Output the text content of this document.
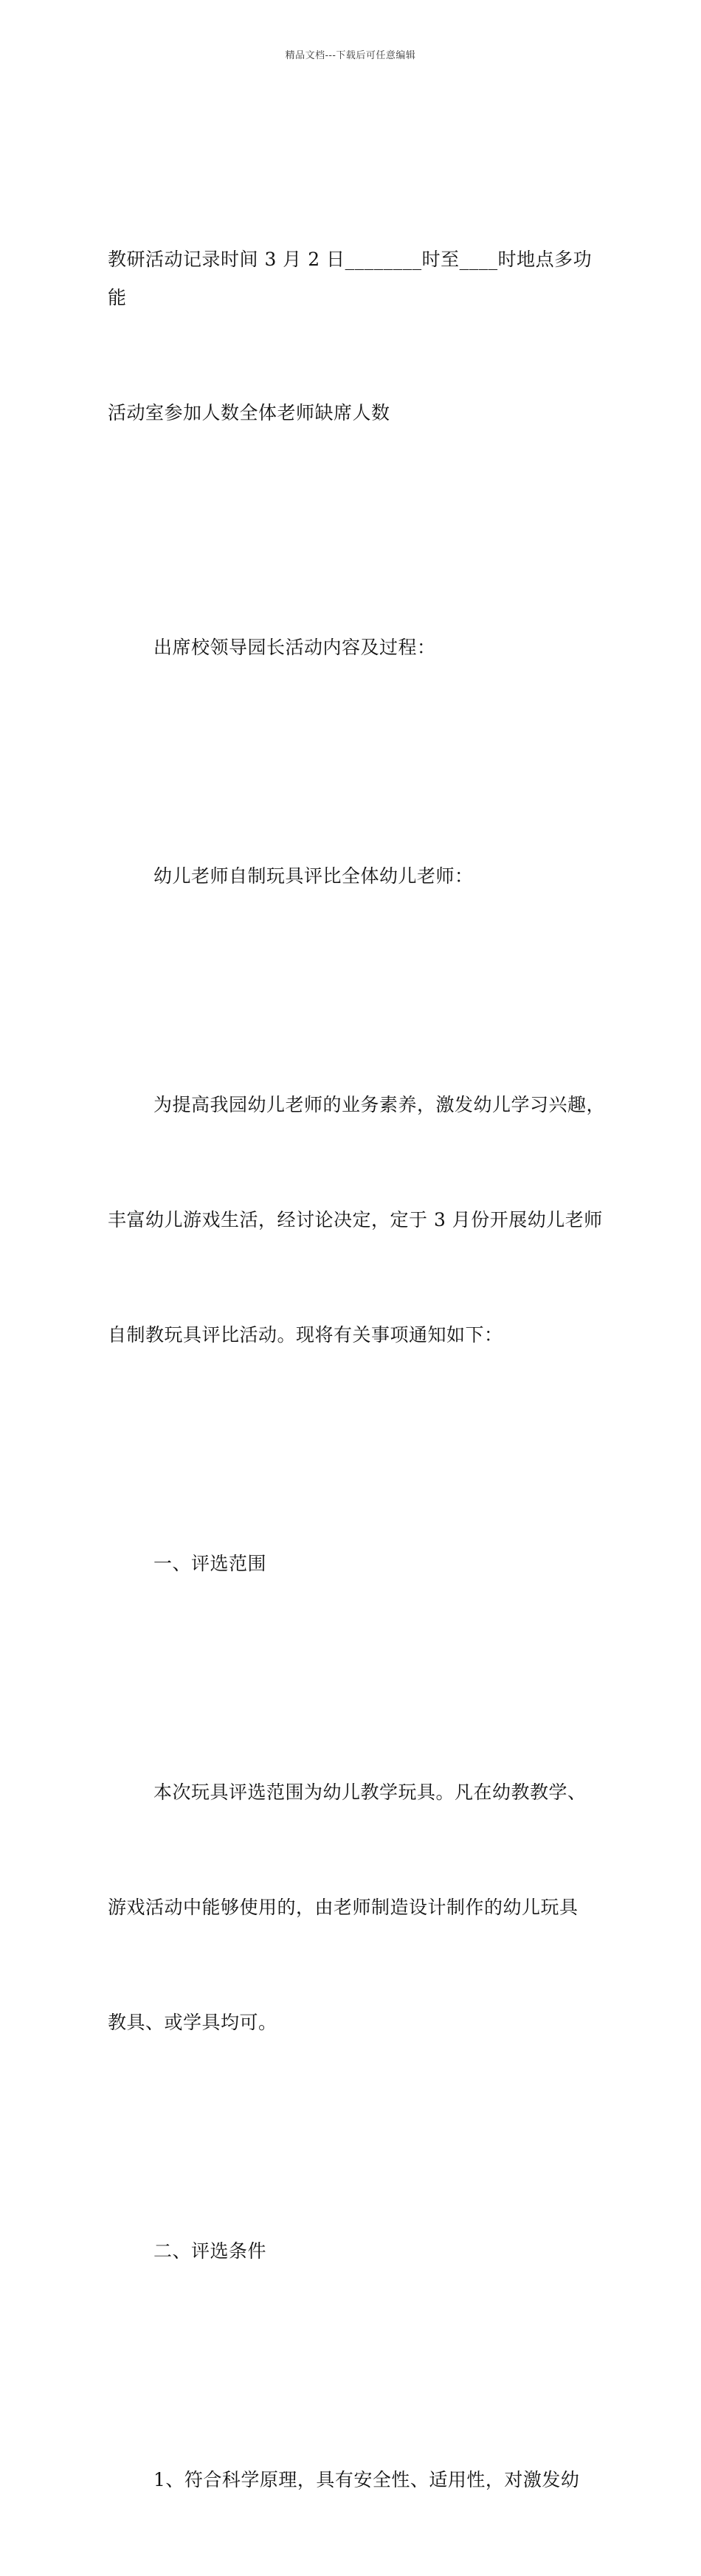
精品文档---下载后可任意编辑

教研活动记录时间 3 月 2 日________时至____时地点多功能

活动室参加人数全体老师缺席人数

出席校领导园长活动内容及过程：

幼儿老师自制玩具评比全体幼儿老师：

为提高我园幼儿老师的业务素养，激发幼儿学习兴趣，

丰富幼儿游戏生活，经讨论决定，定于 3 月份开展幼儿老师

自制教玩具评比活动。现将有关事项通知如下：

一、评选范围

本次玩具评选范围为幼儿教学玩具。凡在幼教教学、

游戏活动中能够使用的，由老师制造设计制作的幼儿玩具

教具、或学具均可。

二、评选条件

1、符合科学原理，具有安全性、适用性，对激发幼
